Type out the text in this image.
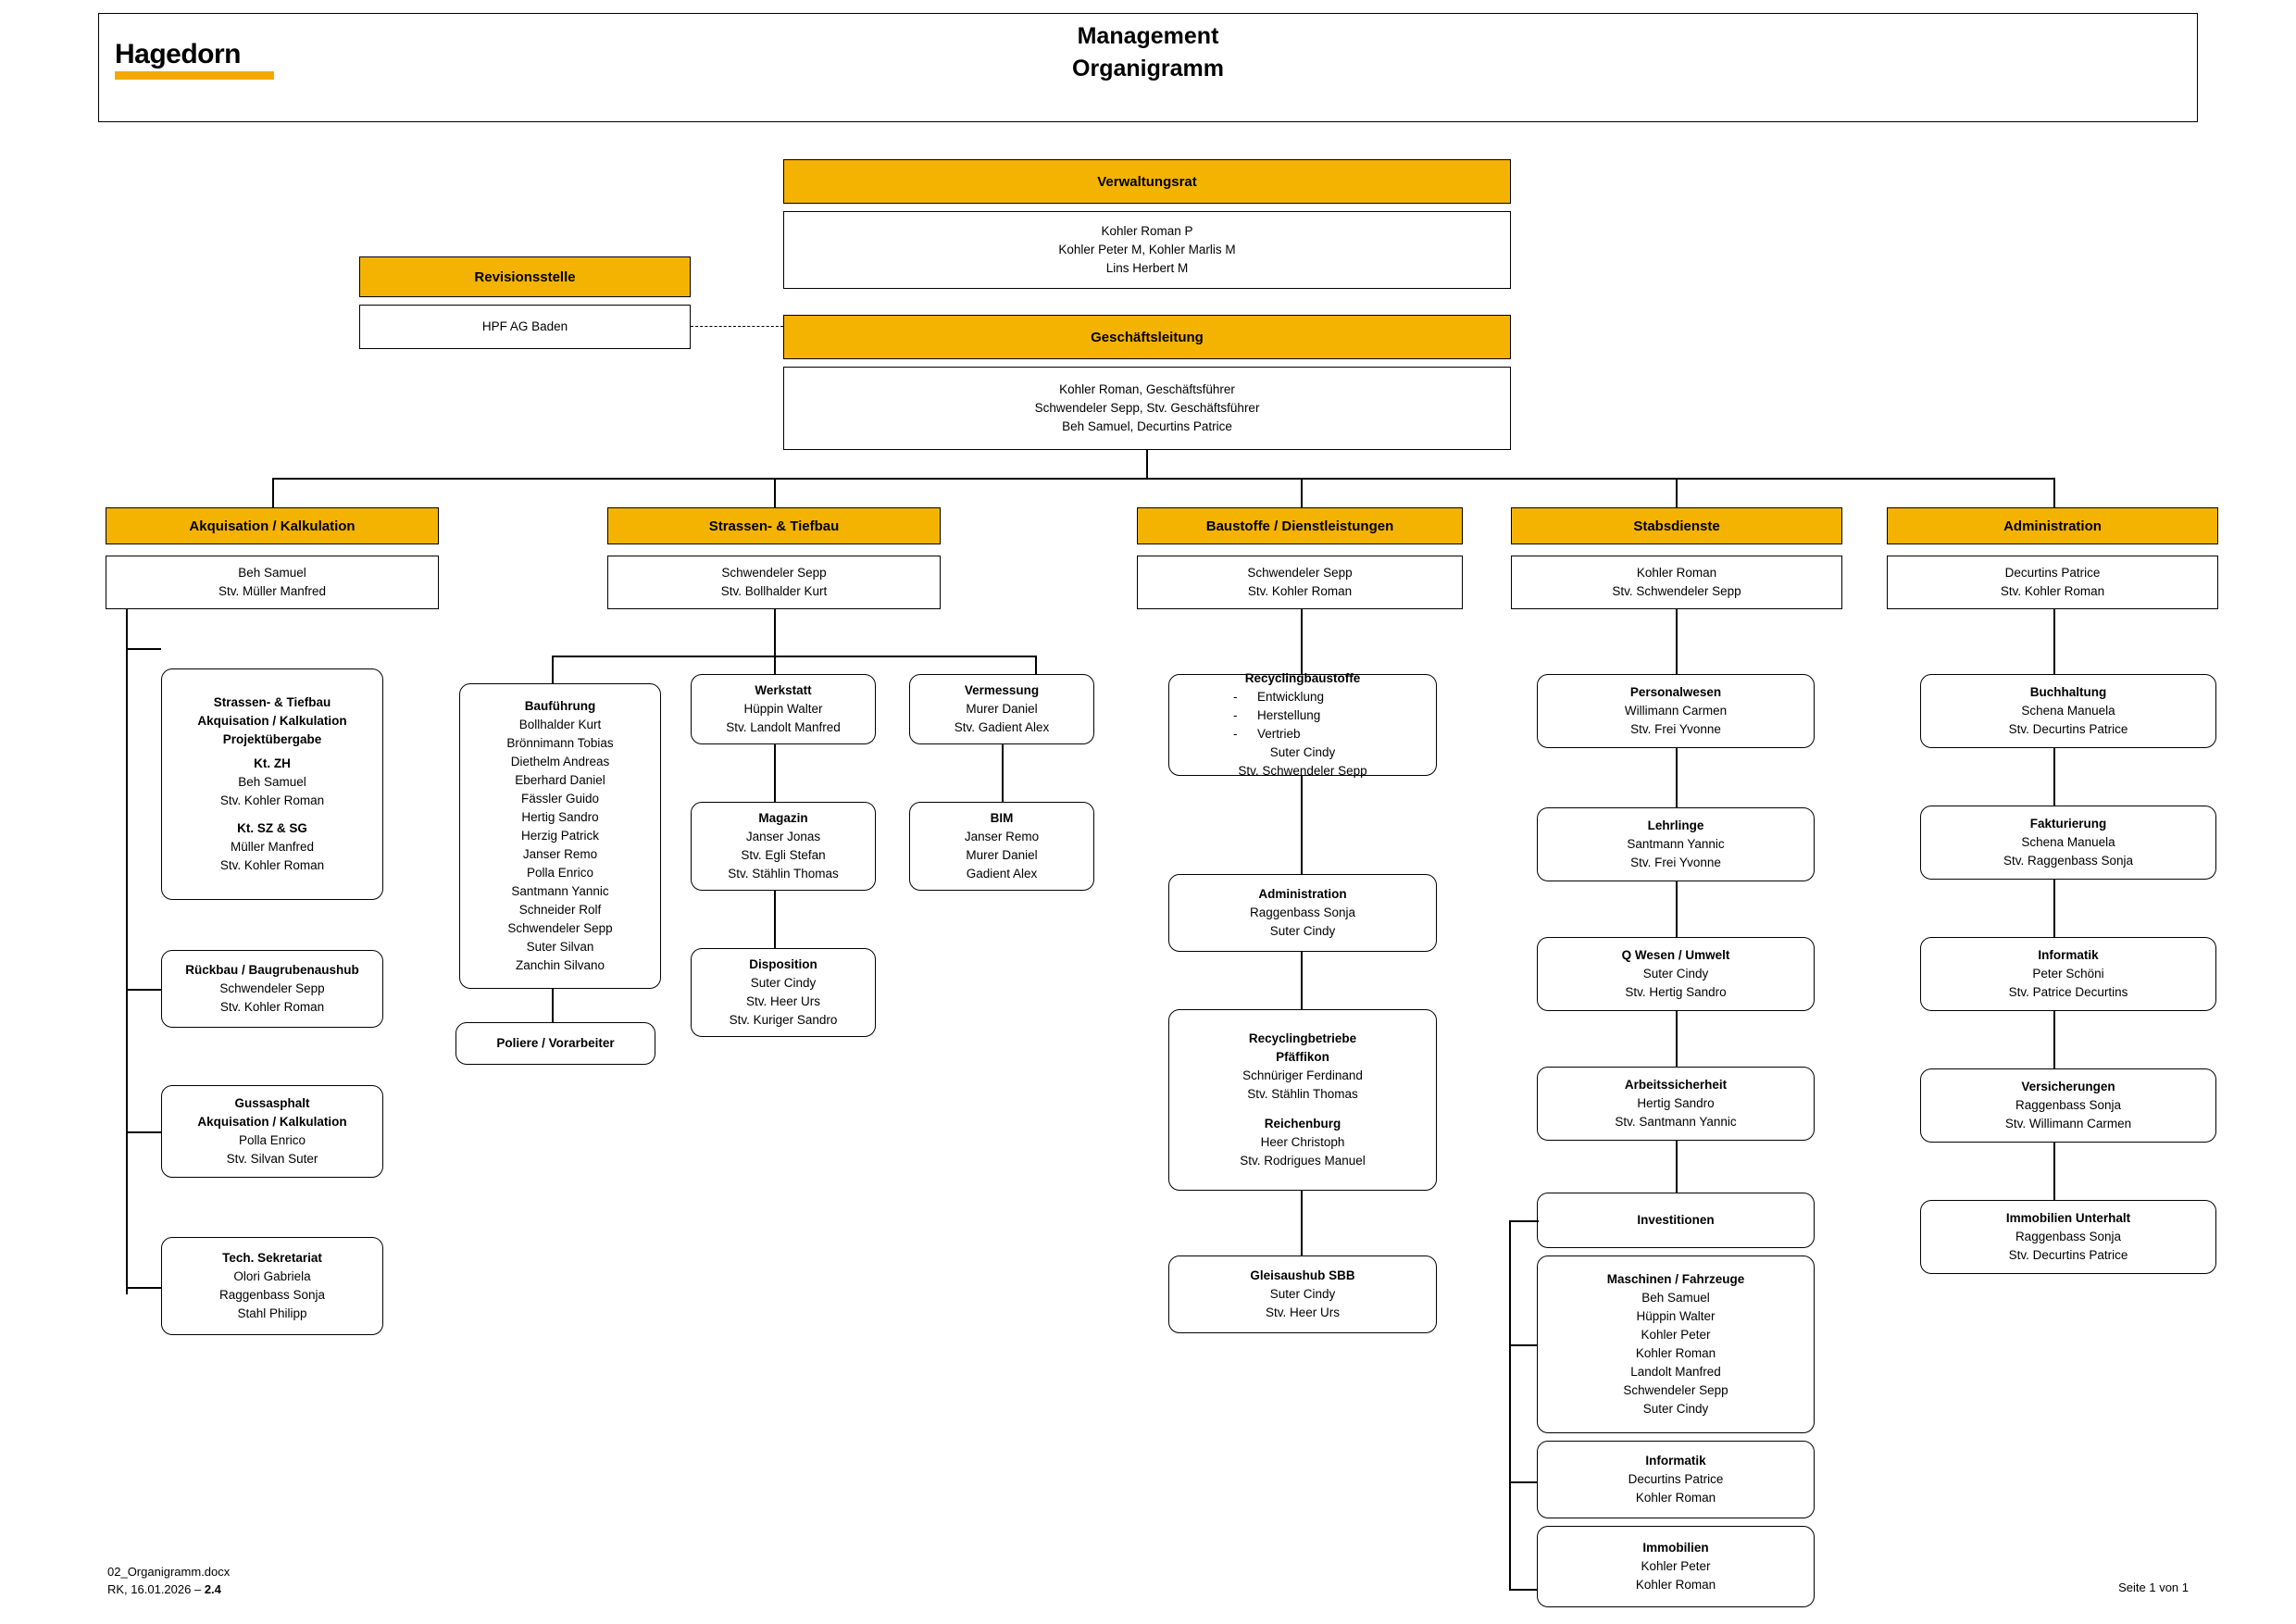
Hagedorn
Management
Organigramm
Verwaltungsrat
Kohler Roman P
Kohler Peter M, Kohler Marlis M
Lins Herbert M
Revisionsstelle
HPF AG Baden
Geschäftsleitung
Kohler Roman, Geschäftsführer
Schwendeler Sepp, Stv. Geschäftsführer
Beh Samuel, Decurtins Patrice
Akquisation / Kalkulation
Beh Samuel
Stv. Müller Manfred
Strassen- & Tiefbau
Schwendeler Sepp
Stv. Bollhalder Kurt
Baustoffe / Dienstleistungen
Schwendeler Sepp
Stv. Kohler Roman
Stabsdienste
Kohler Roman
Stv. Schwendeler Sepp
Administration
Decurtins Patrice
Stv. Kohler Roman
Strassen- & Tiefbau
Akquisation / Kalkulation
Projektübergabe
Kt. ZH
Beh Samuel
Stv. Kohler Roman
Kt. SZ & SG
Müller Manfred
Stv. Kohler Roman
Rückbau / Baugrubenaushub
Schwendeler Sepp
Stv. Kohler Roman
Gussasphalt
Akquisation / Kalkulation
Polla Enrico
Stv. Silvan Suter
Tech. Sekretariat
Olori Gabriela
Raggenbass Sonja
Stahl Philipp
Bauführung
Bollhalder Kurt
Brönnimann Tobias
Diethelm Andreas
Eberhard Daniel
Fässler Guido
Hertig Sandro
Herzig Patrick
Janser Remo
Polla Enrico
Santmann Yannic
Schneider Rolf
Schwendeler Sepp
Suter Silvan
Zanchin Silvano
Poliere / Vorarbeiter
Werkstatt
Hüppin Walter
Stv. Landolt Manfred
Magazin
Janser Jonas
Stv. Egli Stefan
Stv. Stählin Thomas
Disposition
Suter Cindy
Stv. Heer Urs
Stv. Kuriger Sandro
Vermessung
Murer Daniel
Stv. Gadient Alex
BIM
Janser Remo
Murer Daniel
Gadient Alex
Recyclingbaustoffe
- Entwicklung
- Herstellung
- Vertrieb
Suter Cindy
Stv. Schwendeler Sepp
Administration
Raggenbass Sonja
Suter Cindy
Recyclingbetriebe
Pfäffikon
Schnüriger Ferdinand
Stv. Stählin Thomas
Reichenburg
Heer Christoph
Stv. Rodrigues Manuel
Gleisaushub SBB
Suter Cindy
Stv. Heer Urs
Personalwesen
Willimann Carmen
Stv. Frei Yvonne
Lehrlinge
Santmann Yannic
Stv. Frei Yvonne
Q Wesen / Umwelt
Suter Cindy
Stv. Hertig Sandro
Arbeitssicherheit
Hertig Sandro
Stv. Santmann Yannic
Investitionen
Maschinen / Fahrzeuge
Beh Samuel
Hüppin Walter
Kohler Peter
Kohler Roman
Landolt Manfred
Schwendeler Sepp
Suter Cindy
Informatik
Decurtins Patrice
Kohler Roman
Immobilien
Kohler Peter
Kohler Roman
Buchhaltung
Schena Manuela
Stv. Decurtins Patrice
Fakturierung
Schena Manuela
Stv. Raggenbass Sonja
Informatik
Peter Schöni
Stv. Patrice Decurtins
Versicherungen
Raggenbass Sonja
Stv. Willimann Carmen
Immobilien Unterhalt
Raggenbass Sonja
Stv. Decurtins Patrice
02_Organigramm.docx
RK, 16.01.2026 – 2.4	Seite 1 von 1
